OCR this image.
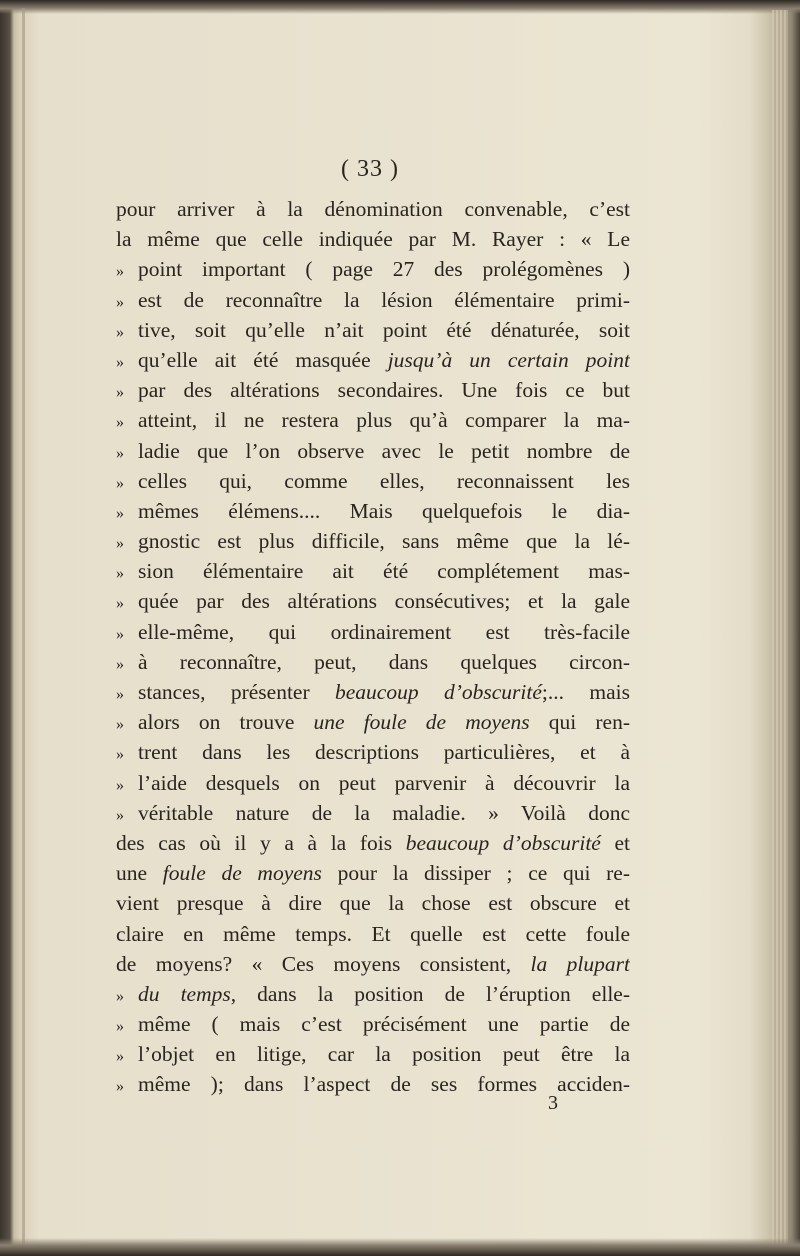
( 33 )
pour arriver à la dénomination convenable, c’est
la même que celle indiquée par M. Rayer : « Le
» point important ( page 27 des prolégomènes )
» est de reconnaître la lésion élémentaire primi-
» tive, soit qu’elle n’ait point été dénaturée, soit
» qu’elle ait été masquée jusqu’à un certain point
» par des altérations secondaires. Une fois ce but
» atteint, il ne restera plus qu’à comparer la ma-
» ladie que l’on observe avec le petit nombre de
» celles qui, comme elles, reconnaissent les
» mêmes élémens.... Mais quelquefois le dia-
» gnostic est plus difficile, sans même que la lé-
» sion élémentaire ait été complétement mas-
» quée par des altérations consécutives; et la gale
» elle-même, qui ordinairement est très-facile
» à reconnaître, peut, dans quelques circon-
» stances, présenter beaucoup d’obscurité;... mais
» alors on trouve une foule de moyens qui ren-
» trent dans les descriptions particulières, et à
» l’aide desquels on peut parvenir à découvrir la
» véritable nature de la maladie. » Voilà donc
des cas où il y a à la fois beaucoup d’obscurité et
une foule de moyens pour la dissiper ; ce qui re-
vient presque à dire que la chose est obscure et
claire en même temps. Et quelle est cette foule
de moyens? « Ces moyens consistent, la plupart
» du temps, dans la position de l’éruption elle-
» même ( mais c’est précisément une partie de
» l’objet en litige, car la position peut être la
» même ); dans l’aspect de ses formes acciden-
3
